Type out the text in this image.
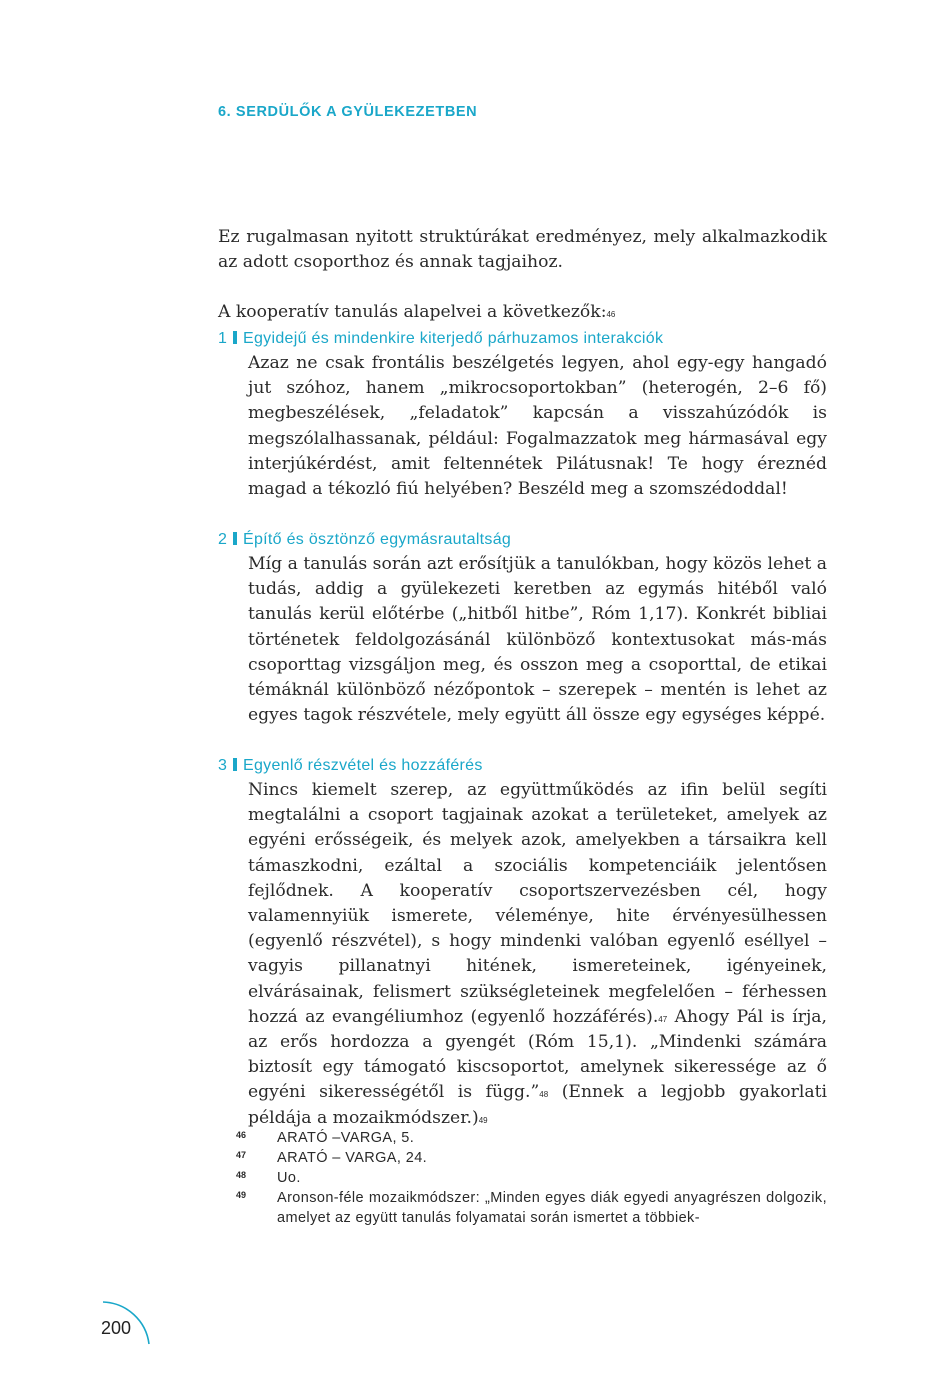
6. SERDÜLŐK A GYÜLEKEZETBEN

Ez rugalmasan nyitott struktúrákat eredményez, mely alkalmazkodik az adott csoporthoz és annak tagjaihoz.

A kooperatív tanulás alapelvei a következők:$^{46}$

1 Egyidejű és mindenkire kiterjedő párhuzamos interakciók
Azaz ne csak frontális beszélgetés legyen, ahol egy-egy hangadó jut szóhoz, hanem „mikrocsoportokban” (heterogén, 2–6 fő) megbeszélések, „feladatok” kapcsán a visszahúzódók is megszólalhassanak, például: Fogalmazzatok meg hármasával egy interjúkérdést, amit feltennétek Pilátusnak! Te hogy éreznéd magad a tékozló fiú helyében? Beszéld meg a szomszédoddal!
2 Építő és ösztönző egymásrautaltság
Míg a tanulás során azt erősítjük a tanulókban, hogy közös lehet a tudás, addig a gyülekezeti keretben az egymás hitéből való tanulás kerül előtérbe („hitből hitbe”, Róm 1,17). Konkrét bibliai történetek feldolgozásánál különböző kontextusokat más-más csoporttag vizsgáljon meg, és osszon meg a csoporttal, de etikai témáknál különböző nézőpontok – szerepek – mentén is lehet az egyes tagok részvétele, mely együtt áll össze egy egységes képpé.
3 Egyenlő részvétel és hozzáférés
Nincs kiemelt szerep, az együttműködés az ifin belül segíti megtalálni a csoport tagjainak azokat a területeket, amelyek az egyéni erősségeik, és melyek azok, amelyekben a társaikra kell támaszkodni, ezáltal a szociális kompetenciáik jelentősen fejlődnek. A kooperatív csoportszervezésben cél, hogy valamennyiük ismerete, véleménye, hite érvényesülhessen (egyenlő részvétel), s hogy mindenki valóban egyenlő eséllyel – vagyis pillanatnyi hitének, ismereteinek, igényeinek, elvárásainak, felismert szükségleteinek megfelelően – férhessen hozzá az evangéliumhoz (egyenlő hozzáférés).$^{47}$ Ahogy Pál is írja, az erős hordozza a gyengét (Róm 15,1). „Mindenki számára biztosít egy támogató kiscsoportot, amelynek sikeressége az ő egyéni sikerességétől is függ.”$^{48}$ (Ennek a legjobb gyakorlati példája a mozaikmódszer.)$^{49}$
46	ARATÓ –VARGA, 5.
47	ARATÓ – VARGA, 24.
48	Uo.
49	Aronson-féle mozaikmódszer: „Minden egyes diák egyedi anyagrészen dolgozik, amelyet az együtt tanulás folyamatai során ismertet a többiek-
200
